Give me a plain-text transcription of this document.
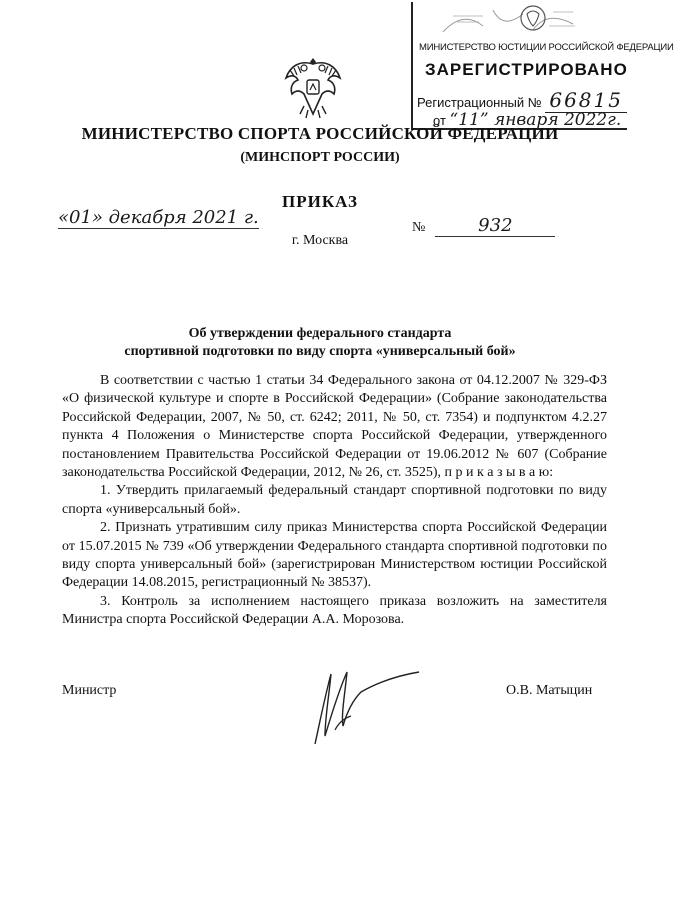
МИНИСТЕРСТВО ЮСТИЦИИ РОССИЙСКОЙ ФЕДЕРАЦИИ
ЗАРЕГИСТРИРОВАНО
Регистрационный № 66815
от “11” января 2022г.
МИНИСТЕРСТВО СПОРТА РОССИЙСКОЙ ФЕДЕРАЦИИ
(МИНСПОРТ РОССИИ)
ПРИКАЗ
«01» декабря 2021 г.	№	932
г. Москва
Об утверждении федерального стандарта
спортивной подготовки по виду спорта «универсальный бой»

В соответствии с частью 1 статьи 34 Федерального закона от 04.12.2007 № 329-ФЗ «О физической культуре и спорте в Российской Федерации» (Собрание законодательства Российской Федерации, 2007, № 50, ст. 6242; 2011, № 50, ст. 7354) и подпунктом 4.2.27 пункта 4 Положения о Министерстве спорта Российской Федерации, утвержденного постановлением Правительства Российской Федерации от 19.06.2012 № 607 (Собрание законодательства Российской Федерации, 2012, № 26, ст. 3525), п р и к а з ы в а ю:

1. Утвердить прилагаемый федеральный стандарт спортивной подготовки по виду спорта «универсальный бой».

2. Признать утратившим силу приказ Министерства спорта Российской Федерации от 15.07.2015 № 739 «Об утверждении Федерального стандарта спортивной подготовки по виду спорта универсальный бой» (зарегистрирован Министерством юстиции Российской Федерации 14.08.2015, регистрационный № 38537).

3. Контроль за исполнением настоящего приказа возложить на заместителя Министра спорта Российской Федерации А.А. Морозова.

Министр	О.В. Матыцин
